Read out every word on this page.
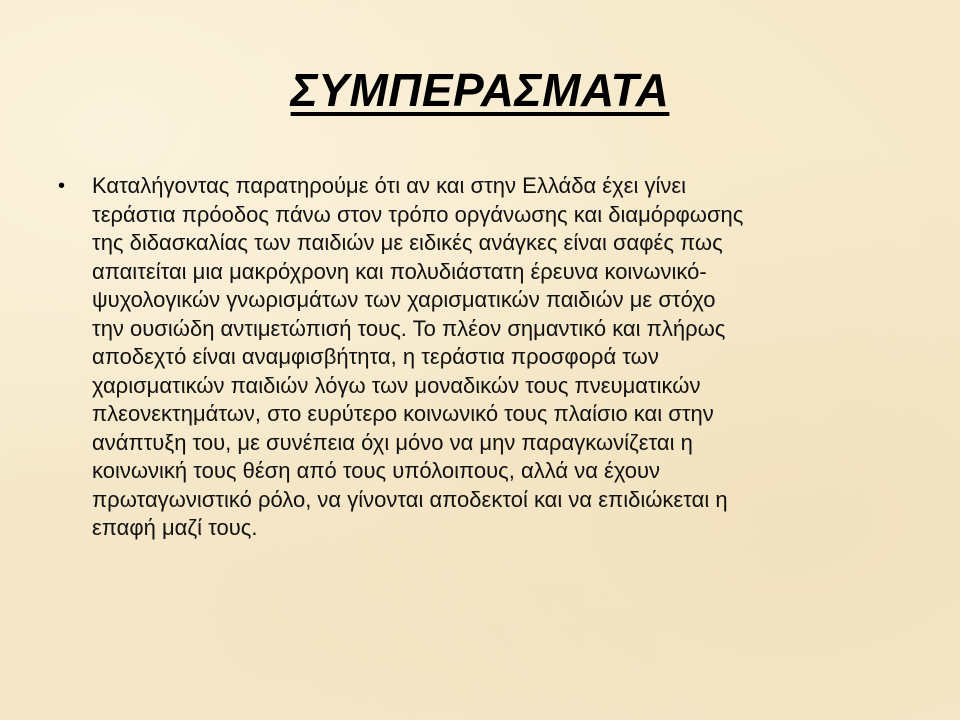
ΣΥΜΠΕΡΑΣΜΑΤΑ
• Καταλήγοντας παρατηρούμε ότι αν και στην Ελλάδα έχει γίνει
τεράστια πρόοδος πάνω στον τρόπο οργάνωσης και διαμόρφωσης
της διδασκαλίας των παιδιών με ειδικές ανάγκες είναι σαφές πως
απαιτείται μια μακρόχρονη και πολυδιάστατη έρευνα κοινωνικό-
ψυχολογικών γνωρισμάτων των χαρισματικών παιδιών με στόχο
την ουσιώδη αντιμετώπισή τους. Το πλέον σημαντικό και πλήρως
αποδεχτό είναι αναμφισβήτητα, η τεράστια προσφορά των
χαρισματικών παιδιών λόγω των μοναδικών τους πνευματικών
πλεονεκτημάτων, στο ευρύτερο κοινωνικό τους πλαίσιο και στην
ανάπτυξη του, με συνέπεια όχι μόνο να μην παραγκωνίζεται η
κοινωνική τους θέση από τους υπόλοιπους, αλλά να έχουν
πρωταγωνιστικό ρόλο, να γίνονται αποδεκτοί και να επιδιώκεται η
επαφή μαζί τους.
